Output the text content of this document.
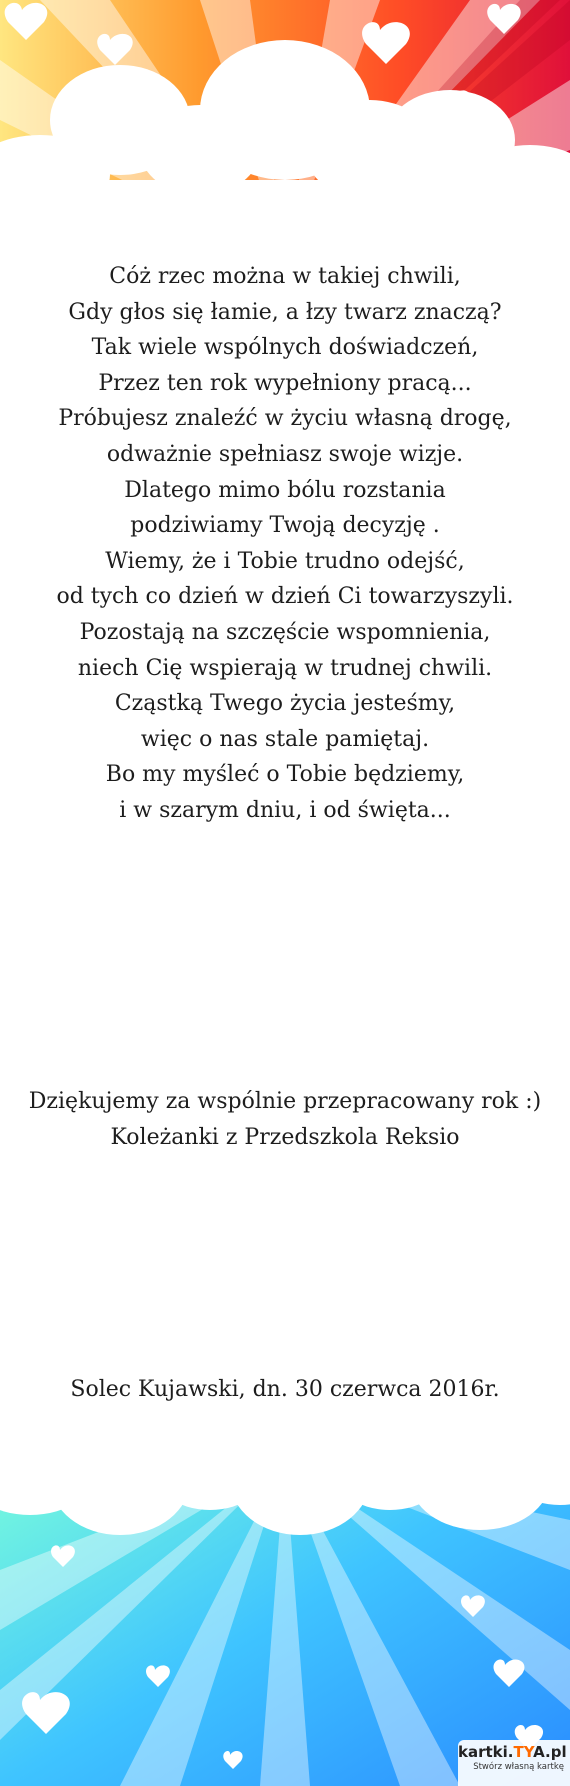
Cóż rzec można w takiej chwili,
Gdy głos się łamie, a łzy twarz znaczą?
Tak wiele wspólnych doświadczeń,
Przez ten rok wypełniony pracą...
Próbujesz znaleźć w życiu własną drogę,
odważnie spełniasz swoje wizje.
Dlatego mimo bólu rozstania
podziwiamy Twoją decyzję .
Wiemy, że i Tobie trudno odejść,
od tych co dzień w dzień Ci towarzyszyli.
Pozostają na szczęście wspomnienia,
niech Cię wspierają w trudnej chwili.
Cząstką Twego życia jesteśmy,
więc o nas stale pamiętaj.
Bo my myśleć o Tobie będziemy,
i w szarym dniu, i od święta...
Dziękujemy za wspólnie przepracowany rok :)
Koleżanki z Przedszkola Reksio
Solec Kujawski, dn. 30 czerwca 2016r.
kartki.TYA.pl
Stwórz własną kartkę
